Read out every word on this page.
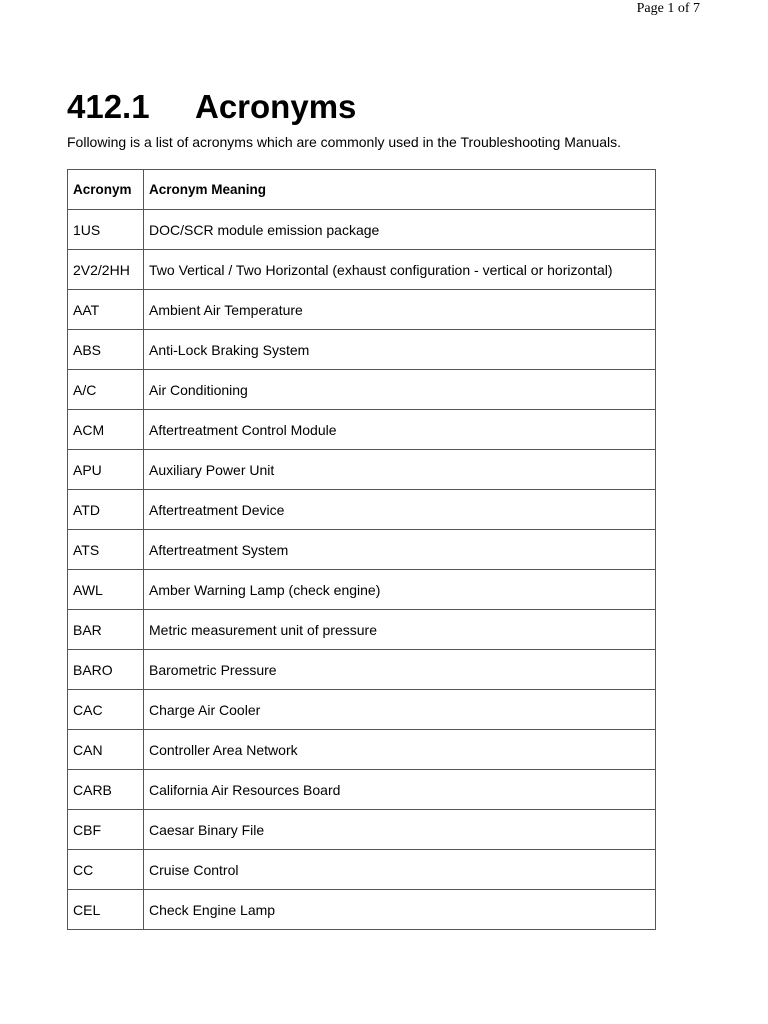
Page 1 of 7
412.1 Acronyms

Following is a list of acronyms which are commonly used in the Troubleshooting Manuals.

Acronym	Acronym Meaning
1US	DOC/SCR module emission package
2V2/2HH	Two Vertical / Two Horizontal (exhaust configuration - vertical or horizontal)
AAT	Ambient Air Temperature
ABS	Anti-Lock Braking System
A/C	Air Conditioning
ACM	Aftertreatment Control Module
APU	Auxiliary Power Unit
ATD	Aftertreatment Device
ATS	Aftertreatment System
AWL	Amber Warning Lamp (check engine)
BAR	Metric measurement unit of pressure
BARO	Barometric Pressure
CAC	Charge Air Cooler
CAN	Controller Area Network
CARB	California Air Resources Board
CBF	Caesar Binary File
CC	Cruise Control
CEL	Check Engine Lamp
